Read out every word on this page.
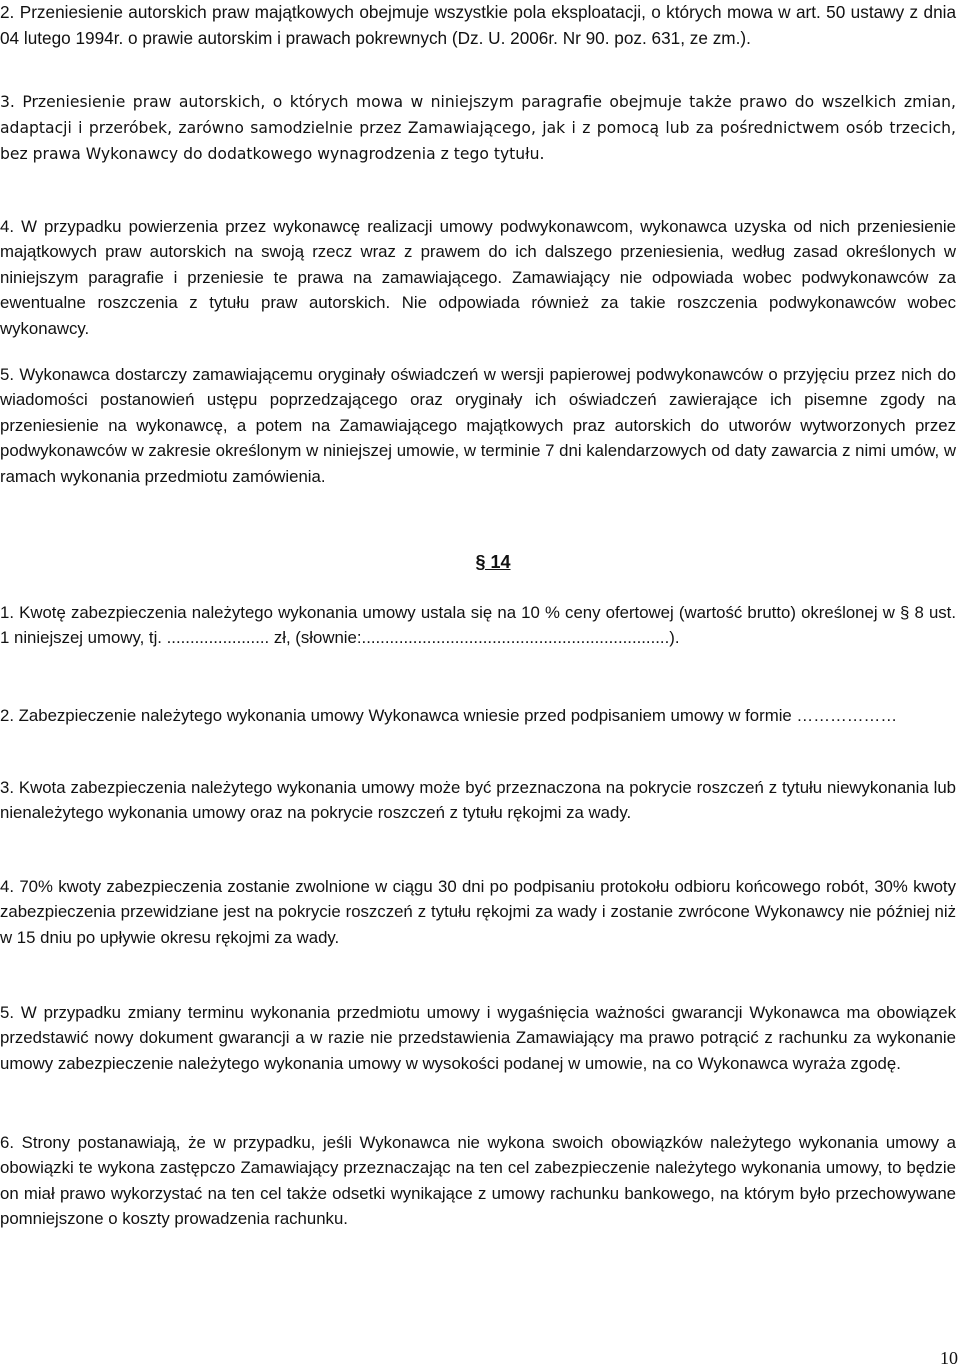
2. Przeniesienie autorskich praw majątkowych obejmuje wszystkie pola eksploatacji, o których mowa w art. 50 ustawy z dnia 04 lutego 1994r. o prawie autorskim i prawach pokrewnych (Dz. U. 2006r. Nr 90. poz. 631, ze zm.).

3. Przeniesienie praw autorskich, o których mowa w niniejszym paragrafie obejmuje także prawo do wszelkich zmian, adaptacji i przeróbek, zarówno samodzielnie przez Zamawiającego, jak i z pomocą lub za pośrednictwem osób trzecich, bez prawa Wykonawcy do dodatkowego wynagrodzenia z tego tytułu.

4. W przypadku powierzenia przez wykonawcę realizacji umowy podwykonawcom, wykonawca uzyska od nich przeniesienie majątkowych praw autorskich na swoją rzecz wraz z prawem do ich dalszego przeniesienia, według zasad określonych w niniejszym paragrafie i przeniesie te prawa na zamawiającego. Zamawiający nie odpowiada wobec podwykonawców za ewentualne roszczenia z tytułu praw autorskich. Nie odpowiada również za takie roszczenia podwykonawców wobec wykonawcy.

5. Wykonawca dostarczy zamawiającemu oryginały oświadczeń w wersji papierowej podwykonawców o przyjęciu przez nich do wiadomości postanowień ustępu poprzedzającego oraz oryginały ich oświadczeń zawierające ich pisemne zgody na przeniesienie na wykonawcę, a potem na Zamawiającego majątkowych praz autorskich do utworów wytworzonych przez podwykonawców w zakresie określonym w niniejszej umowie, w terminie 7 dni kalendarzowych od daty zawarcia z nimi umów, w ramach wykonania przedmiotu zamówienia.

§ 14

1. Kwotę zabezpieczenia należytego wykonania umowy ustala się na 10 % ceny ofertowej (wartość brutto) określonej w § 8 ust. 1 niniejszej umowy, tj. ...................... zł, (słownie:..................................................................).

2. Zabezpieczenie należytego wykonania umowy Wykonawca wniesie przed podpisaniem umowy w formie ………………

3. Kwota zabezpieczenia należytego wykonania umowy może być przeznaczona na pokrycie roszczeń z tytułu niewykonania lub nienależytego wykonania umowy oraz na pokrycie roszczeń z tytułu rękojmi za wady.

4. 70% kwoty zabezpieczenia zostanie zwolnione w ciągu 30 dni po podpisaniu protokołu odbioru końcowego robót, 30% kwoty zabezpieczenia przewidziane jest na pokrycie roszczeń z tytułu rękojmi za wady i zostanie zwrócone Wykonawcy nie później niż w 15 dniu po upływie okresu rękojmi za wady.

5. W przypadku zmiany terminu wykonania przedmiotu umowy i wygaśnięcia ważności gwarancji Wykonawca ma obowiązek przedstawić nowy dokument gwarancji a w razie nie przedstawienia Zamawiający ma prawo potrącić z rachunku za wykonanie umowy zabezpieczenie należytego wykonania umowy w wysokości podanej w umowie, na co Wykonawca wyraża zgodę.

6. Strony postanawiają, że w przypadku, jeśli Wykonawca nie wykona swoich obowiązków należytego wykonania umowy a obowiązki te wykona zastępczo Zamawiający przeznaczając na ten cel zabezpieczenie należytego wykonania umowy, to będzie on miał prawo wykorzystać na ten cel także odsetki wynikające z umowy rachunku bankowego, na którym było przechowywane pomniejszone o koszty prowadzenia rachunku.

10
